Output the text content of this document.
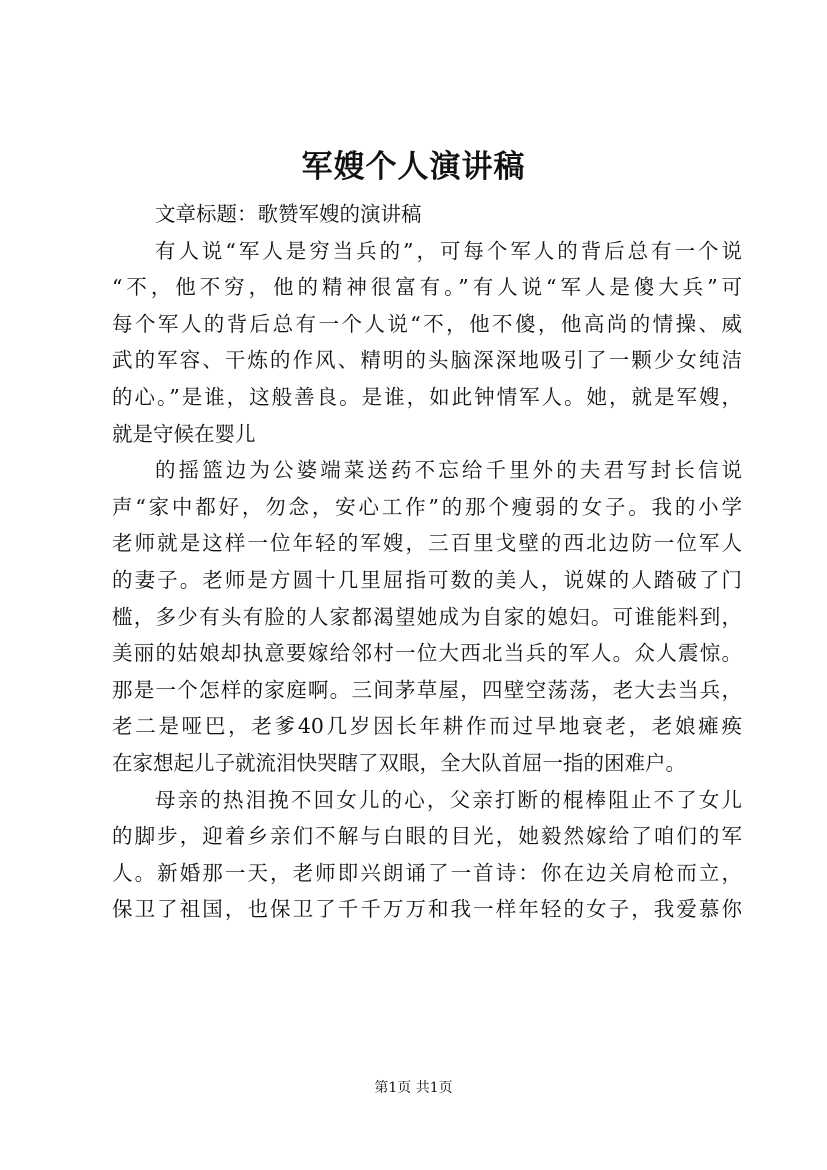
军嫂个人演讲稿
文章标题：歌赞军嫂的演讲稿
有人说“军人是穷当兵的”，可每个军人的背后总有一个说
“不，他不穷，他的精神很富有。”有人说“军人是傻大兵”可
每个军人的背后总有一个人说“不，他不傻，他高尚的情操、威
武的军容、干炼的作风、精明的头脑深深地吸引了一颗少女纯洁
的心。”是谁，这般善良。是谁，如此钟情军人。她，就是军嫂，
就是守候在婴儿
的摇篮边为公婆端菜送药不忘给千里外的夫君写封长信说
声“家中都好，勿念，安心工作”的那个瘦弱的女子。我的小学
老师就是这样一位年轻的军嫂，三百里戈壁的西北边防一位军人
的妻子。老师是方圆十几里屈指可数的美人，说媒的人踏破了门
槛，多少有头有脸的人家都渴望她成为自家的媳妇。可谁能料到，
美丽的姑娘却执意要嫁给邻村一位大西北当兵的军人。众人震惊。
那是一个怎样的家庭啊。三间茅草屋，四壁空荡荡，老大去当兵，
老二是哑巴，老爹40几岁因长年耕作而过早地衰老，老娘瘫痪
在家想起儿子就流泪快哭瞎了双眼，全大队首屈一指的困难户。
母亲的热泪挽不回女儿的心，父亲打断的棍棒阻止不了女儿
的脚步，迎着乡亲们不解与白眼的目光，她毅然嫁给了咱们的军
人。新婚那一天，老师即兴朗诵了一首诗：你在边关肩枪而立，
保卫了祖国，也保卫了千千万万和我一样年轻的女子，我爱慕你
第1页 共1页
